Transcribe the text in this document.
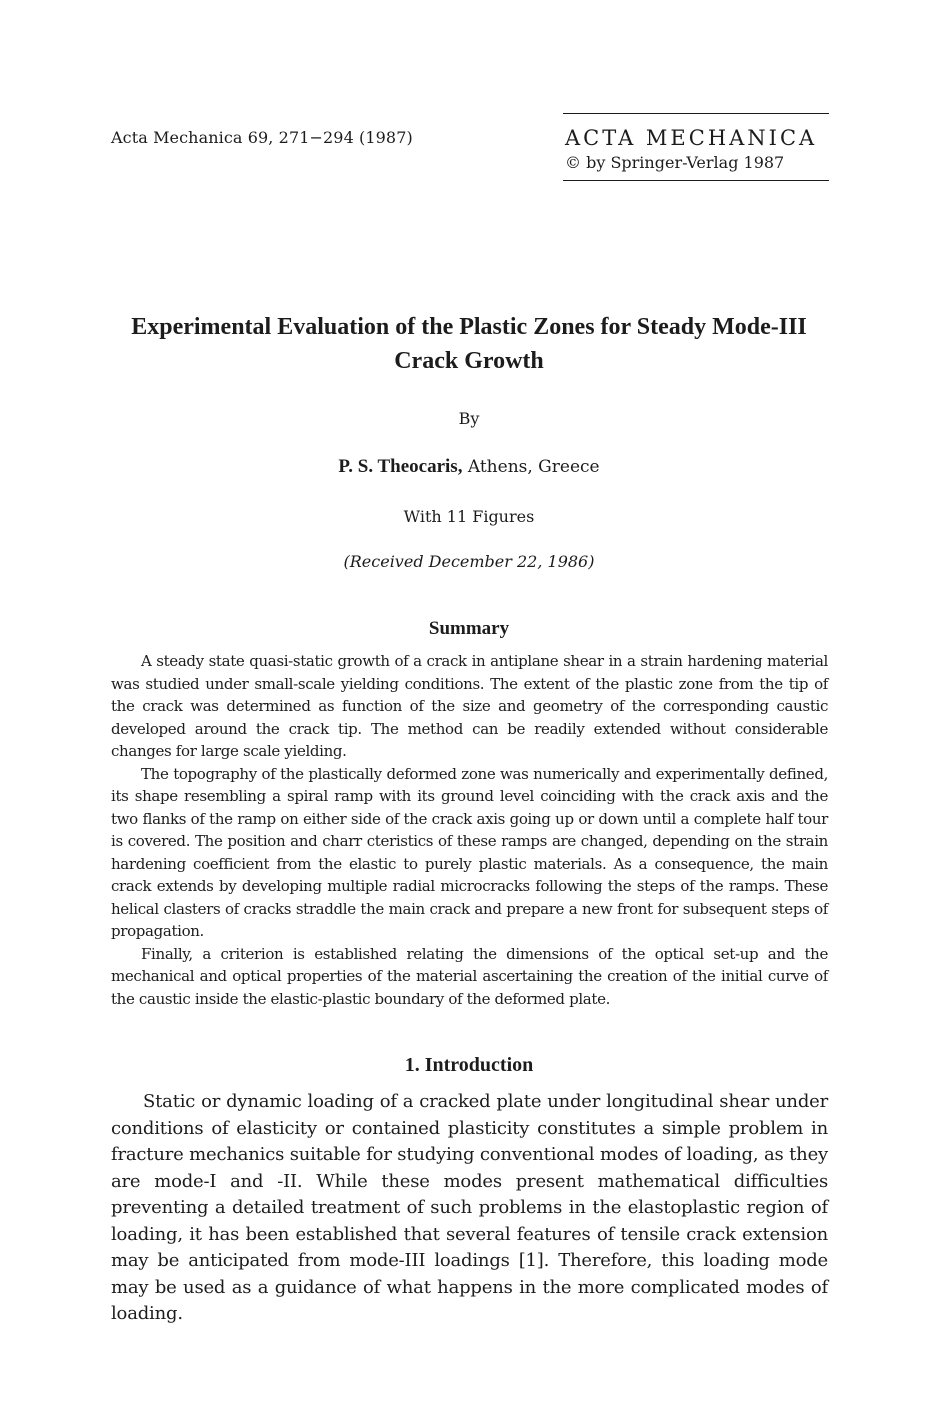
Acta Mechanica 69, 271−294 (1987)	ACTA MECHANICA
© by Springer-Verlag 1987
Experimental Evaluation of the Plastic Zones for Steady Mode-III Crack Growth
By
P. S. Theocaris, Athens, Greece
With 11 Figures
(Received December 22, 1986)
Summary

A steady state quasi-static growth of a crack in antiplane shear in a strain hardening material was studied under small-scale yielding conditions. The extent of the plastic zone from the tip of the crack was determined as function of the size and geometry of the corresponding caustic developed around the crack tip. The method can be readily extended without considerable changes for large scale yielding.

The topography of the plastically deformed zone was numerically and experimentally defined, its shape resembling a spiral ramp with its ground level coinciding with the crack axis and the two flanks of the ramp on either side of the crack axis going up or down until a complete half tour is covered. The position and charr cteristics of these ramps are changed, depending on the strain hardening coefficient from the elastic to purely plastic materials. As a consequence, the main crack extends by developing multiple radial microcracks following the steps of the ramps. These helical clasters of cracks straddle the main crack and prepare a new front for subsequent steps of propagation.

Finally, a criterion is established relating the dimensions of the optical set-up and the mechanical and optical properties of the material ascertaining the creation of the initial curve of the caustic inside the elastic-plastic boundary of the deformed plate.

1. Introduction

Static or dynamic loading of a cracked plate under longitudinal shear under conditions of elasticity or contained plasticity constitutes a simple problem in fracture mechanics suitable for studying conventional modes of loading, as they are mode-I and -II. While these modes present mathematical difficulties preventing a detailed treatment of such problems in the elastoplastic region of loading, it has been established that several features of tensile crack extension may be anticipated from mode-III loadings [1]. Therefore, this loading mode may be used as a guidance of what happens in the more complicated modes of loading.
